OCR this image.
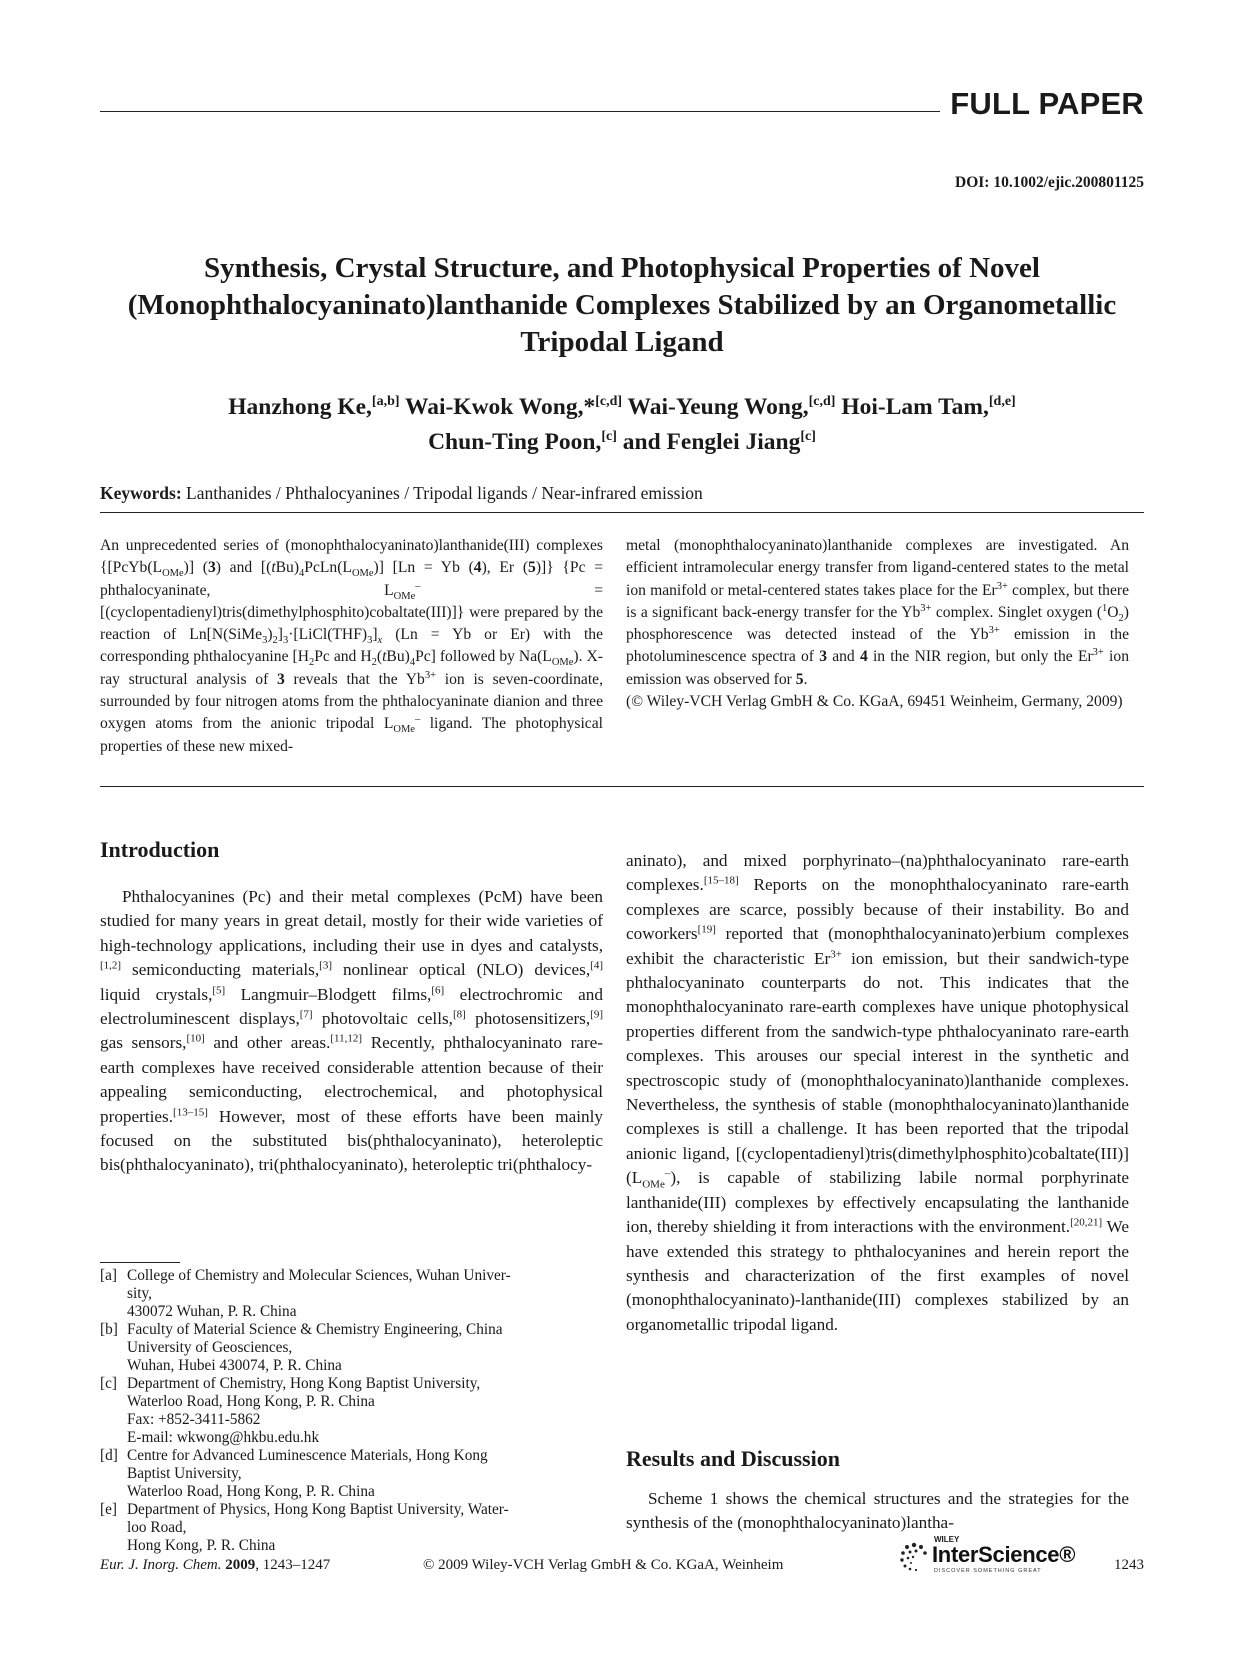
FULL PAPER
DOI: 10.1002/ejic.200801125
Synthesis, Crystal Structure, and Photophysical Properties of Novel
(Monophthalocyaninato)lanthanide Complexes Stabilized by an Organometallic
Tripodal Ligand
Hanzhong Ke,[a,b] Wai-Kwok Wong,*[c,d] Wai-Yeung Wong,[c,d] Hoi-Lam Tam,[d,e]
Chun-Ting Poon,[c] and Fenglei Jiang[c]
Keywords: Lanthanides / Phthalocyanines / Tripodal ligands / Near-infrared emission
An unprecedented series of (monophthalocyaninato)lanthanide(III) complexes {$[PcYb(L_{OMe})]$ (3) and $[(tBu)_4PcLn(L_{OMe})] [Ln = Yb$ (4), Er (5)]} {Pc = phthalocyaninate, $L_{OMe}^-$ = [(cyclopentadienyl)tris(dimethylphosphito)cobaltate(III)]} were prepared by the reaction of $Ln[N(SiMe_3)_2]_3\cdot[LiCl(THF)_3]_x$ (Ln = Yb or Er) with the corresponding phthalocyanine [$H_2Pc$ and $H_2(tBu)_4Pc$] followed by $Na(L_{OMe})$. X-ray structural analysis of 3 reveals that the $Yb^{3+}$ ion is seven-coordinate, surrounded by four nitrogen atoms from the phthalocyaninate dianion and three oxygen atoms from the anionic tripodal $L_{OMe}^-$ ligand. The photophysical properties of these new mixed-
metal (monophthalocyaninato)lanthanide complexes are investigated. An efficient intramolecular energy transfer from ligand-centered states to the metal ion manifold or metal-centered states takes place for the $Er^{3+}$ complex, but there is a significant back-energy transfer for the $Yb^{3+}$ complex. Singlet oxygen $(^1O_2)$ phosphorescence was detected instead of the $Yb^{3+}$ emission in the photoluminescence spectra of 3 and 4 in the NIR region, but only the $Er^{3+}$ ion emission was observed for 5.
(© Wiley-VCH Verlag GmbH & Co. KGaA, 69451 Weinheim, Germany, 2009)
Introduction

Phthalocyanines (Pc) and their metal complexes (PcM) have been studied for many years in great detail, mostly for their wide varieties of high-technology applications, including their use in dyes and catalysts,[1,2] semiconducting materials,[3] nonlinear optical (NLO) devices,[4] liquid crystals,[5] Langmuir–Blodgett films,[6] electrochromic and electroluminescent displays,[7] photovoltaic cells,[8] photosensitizers,[9] gas sensors,[10] and other areas.[11,12] Recently, phthalocyaninato rare-earth complexes have received considerable attention because of their appealing semiconducting, electrochemical, and photophysical properties.[13–15] However, most of these efforts have been mainly focused on the substituted bis(phthalocyaninato), heteroleptic bis(phthalocyaninato), tri(phthalocyaninato), heteroleptic tri(phthalocy-

[a] College of Chemistry and Molecular Sciences, Wuhan Univer-
sity,
430072 Wuhan, P. R. China
[b] Faculty of Material Science & Chemistry Engineering, China
University of Geosciences,
Wuhan, Hubei 430074, P. R. China
[c] Department of Chemistry, Hong Kong Baptist University,
Waterloo Road, Hong Kong, P. R. China
Fax: +852-3411-5862
E-mail: wkwong@hkbu.edu.hk
[d] Centre for Advanced Luminescence Materials, Hong Kong
Baptist University,
Waterloo Road, Hong Kong, P. R. China
[e] Department of Physics, Hong Kong Baptist University, Water-
loo Road,
Hong Kong, P. R. China

aninato), and mixed porphyrinato–(na)phthalocyaninato rare-earth complexes.[15–18] Reports on the monophthalocyaninato rare-earth complexes are scarce, possibly because of their instability. Bo and coworkers[19] reported that (monophthalocyaninato)erbium complexes exhibit the characteristic $Er^{3+}$ ion emission, but their sandwich-type phthalocyaninato counterparts do not. This indicates that the monophthalocyaninato rare-earth complexes have unique photophysical properties different from the sandwich-type phthalocyaninato rare-earth complexes. This arouses our special interest in the synthetic and spectroscopic study of (monophthalocyaninato)lanthanide complexes. Nevertheless, the synthesis of stable (monophthalocyaninato)lanthanide complexes is still a challenge. It has been reported that the tripodal anionic ligand, [(cyclopentadienyl)tris(dimethylphosphito)cobaltate(III)] $(L_{OMe}^-)$, is capable of stabilizing labile normal porphyrinate lanthanide(III) complexes by effectively encapsulating the lanthanide ion, thereby shielding it from interactions with the environment.[20,21] We have extended this strategy to phthalocyanines and herein report the synthesis and characterization of the first examples of novel (monophthalocyaninato)-lanthanide(III) complexes stabilized by an organometallic tripodal ligand.

Results and Discussion

Scheme 1 shows the chemical structures and the strategies for the synthesis of the (monophthalocyaninato)lantha-

Eur. J. Inorg. Chem. 2009, 1243–1247	© 2009 Wiley-VCH Verlag GmbH & Co. KGaA, Weinheim
WILEY
InterScience®
DISCOVER SOMETHING GREAT	1243
